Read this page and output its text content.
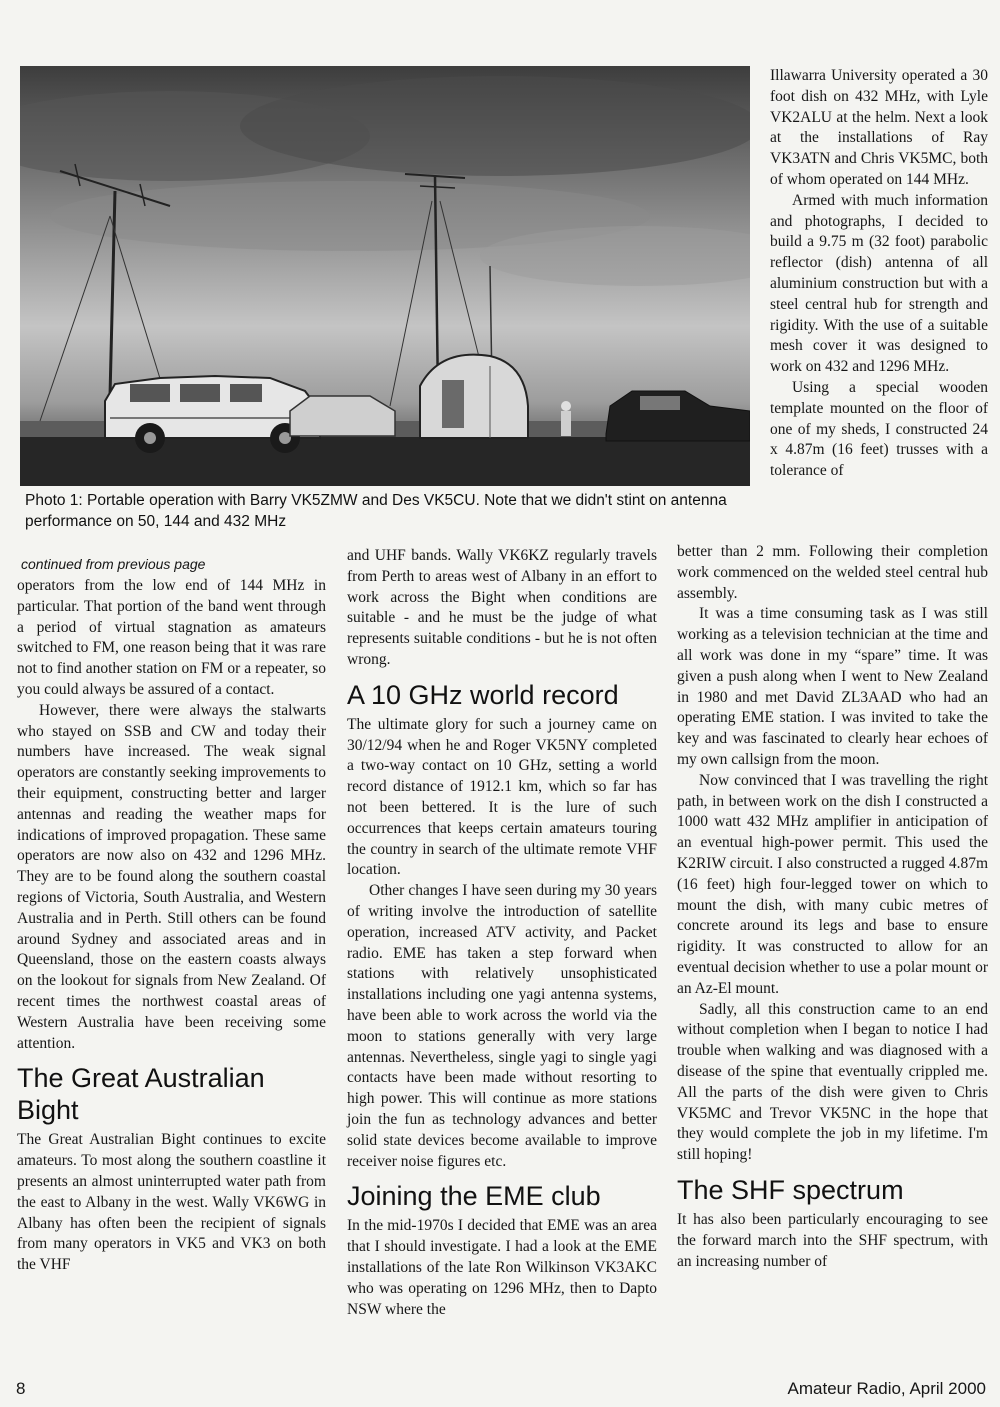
Photo 1: Portable operation with Barry VK5ZMW and Des VK5CU. Note that we didn't stint on antenna performance on 50, 144 and 432 MHz

Illawarra University operated a 30 foot dish on 432 MHz, with Lyle VK2ALU at the helm. Next a look at the installations of Ray VK3ATN and Chris VK5MC, both of whom operated on 144 MHz.

Armed with much information and photographs, I decided to build a 9.75 m (32 foot) parabolic reflector (dish) antenna of all aluminium construction but with a steel central hub for strength and rigidity. With the use of a suitable mesh cover it was designed to work on 432 and 1296 MHz.

Using a special wooden template mounted on the floor of one of my sheds, I constructed 24 x 4.87m (16 feet) trusses with a tolerance of

continued from previous page

operators from the low end of 144 MHz in particular. That portion of the band went through a period of virtual stagnation as amateurs switched to FM, one reason being that it was rare not to find another station on FM or a repeater, so you could always be assured of a contact.

However, there were always the stalwarts who stayed on SSB and CW and today their numbers have increased. The weak signal operators are constantly seeking improvements to their equipment, constructing better and larger antennas and reading the weather maps for indications of improved propagation. These same operators are now also on 432 and 1296 MHz. They are to be found along the southern coastal regions of Victoria, South Australia, and Western Australia and in Perth. Still others can be found around Sydney and associated areas and in Queensland, those on the eastern coasts always on the lookout for signals from New Zealand. Of recent times the northwest coastal areas of Western Australia have been receiving some attention.

The Great Australian Bight

The Great Australian Bight continues to excite amateurs. To most along the southern coastline it presents an almost uninterrupted water path from the east to Albany in the west. Wally VK6WG in Albany has often been the recipient of signals from many operators in VK5 and VK3 on both the VHF

and UHF bands. Wally VK6KZ regularly travels from Perth to areas west of Albany in an effort to work across the Bight when conditions are suitable - and he must be the judge of what represents suitable conditions - but he is not often wrong.

A 10 GHz world record

The ultimate glory for such a journey came on 30/12/94 when he and Roger VK5NY completed a two-way contact on 10 GHz, setting a world record distance of 1912.1 km, which so far has not been bettered. It is the lure of such occurrences that keeps certain amateurs touring the country in search of the ultimate remote VHF location.

Other changes I have seen during my 30 years of writing involve the introduction of satellite operation, increased ATV activity, and Packet radio. EME has taken a step forward when stations with relatively unsophisticated installations including one yagi antenna systems, have been able to work across the world via the moon to stations generally with very large antennas. Nevertheless, single yagi to single yagi contacts have been made without resorting to high power. This will continue as more stations join the fun as technology advances and better solid state devices become available to improve receiver noise figures etc.

Joining the EME club

In the mid-1970s I decided that EME was an area that I should investigate. I had a look at the EME installations of the late Ron Wilkinson VK3AKC who was operating on 1296 MHz, then to Dapto NSW where the

better than 2 mm. Following their completion work commenced on the welded steel central hub assembly.

It was a time consuming task as I was still working as a television technician at the time and all work was done in my “spare” time. It was given a push along when I went to New Zealand in 1980 and met David ZL3AAD who had an operating EME station. I was invited to take the key and was fascinated to clearly hear echoes of my own callsign from the moon.

Now convinced that I was travelling the right path, in between work on the dish I constructed a 1000 watt 432 MHz amplifier in anticipation of an eventual high-power permit. This used the K2RIW circuit. I also constructed a rugged 4.87m (16 feet) high four-legged tower on which to mount the dish, with many cubic metres of concrete around its legs and base to ensure rigidity. It was constructed to allow for an eventual decision whether to use a polar mount or an Az-El mount.

Sadly, all this construction came to an end without completion when I began to notice I had trouble when walking and was diagnosed with a disease of the spine that eventually crippled me. All the parts of the dish were given to Chris VK5MC and Trevor VK5NC in the hope that they would complete the job in my lifetime. I'm still hoping!

The SHF spectrum

It has also been particularly encouraging to see the forward march into the SHF spectrum, with an increasing number of

8	Amateur Radio, April 2000
